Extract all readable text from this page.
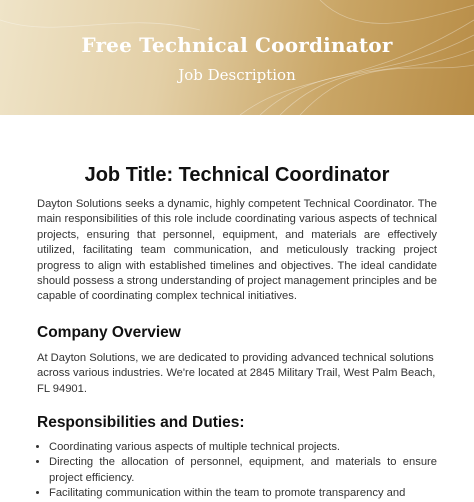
Free Technical Coordinator
Job Description
Job Title: Technical Coordinator

Dayton Solutions seeks a dynamic, highly competent Technical Coordinator. The main responsibilities of this role include coordinating various aspects of technical projects, ensuring that personnel, equipment, and materials are effectively utilized, facilitating team communication, and meticulously tracking project progress to align with established timelines and objectives. The ideal candidate should possess a strong understanding of project management principles and be capable of coordinating complex technical initiatives.

Company Overview

At Dayton Solutions, we are dedicated to providing advanced technical solutions across various industries. We're located at 2845 Military Trail, West Palm Beach, FL 94901.

Responsibilities and Duties:
• Coordinating various aspects of multiple technical projects.
• Directing the allocation of personnel, equipment, and materials to ensure project efficiency.
• Facilitating communication within the team to promote transparency and
